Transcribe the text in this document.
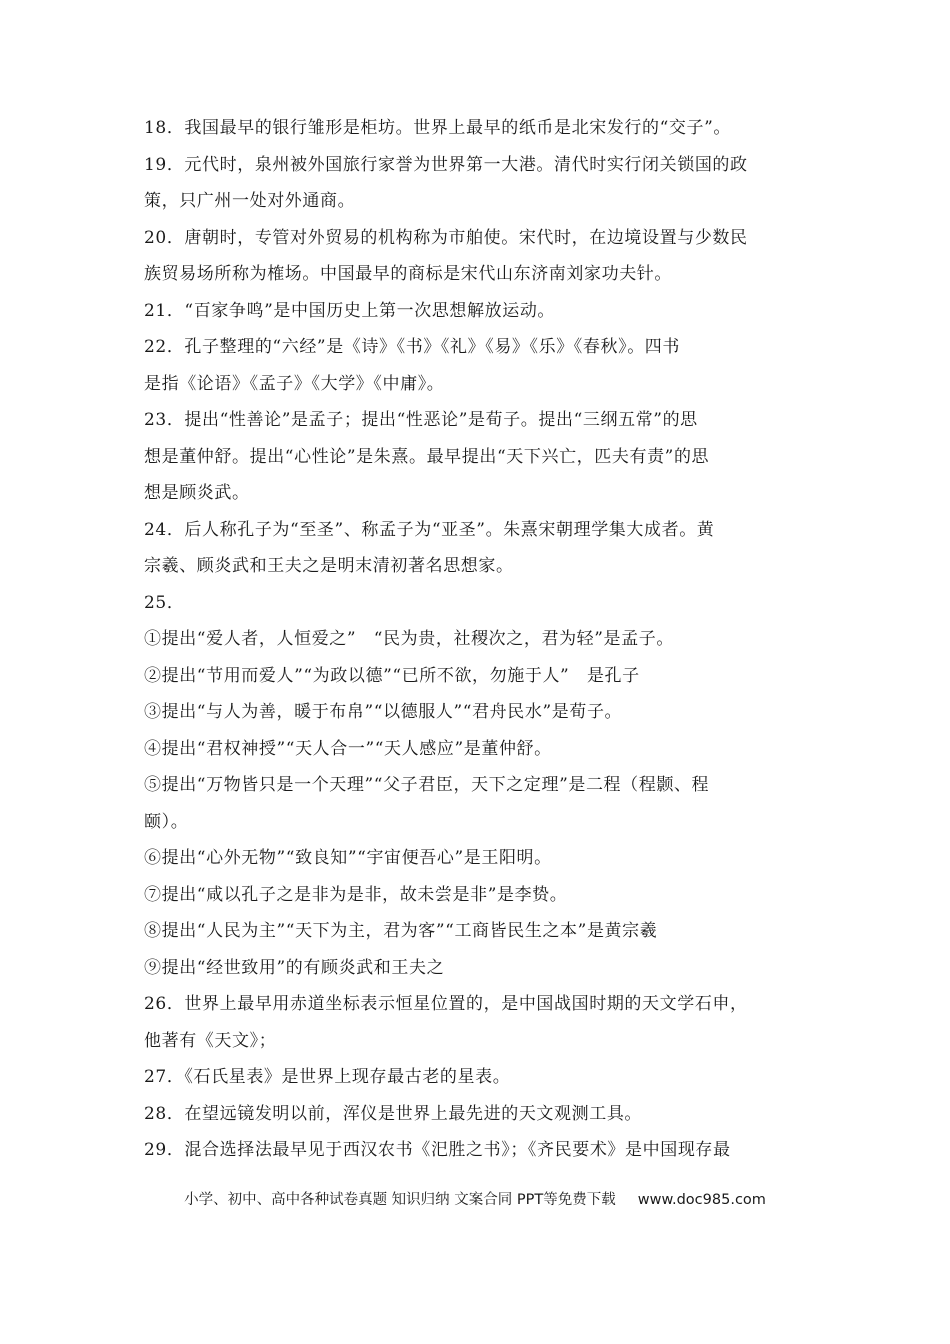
18．我国最早的银行雏形是柜坊。世界上最早的纸币是北宋发行的“交子”。
19．元代时，泉州被外国旅行家誉为世界第一大港。清代时实行闭关锁国的政
策，只广州一处对外通商。
20．唐朝时，专管对外贸易的机构称为市舶使。宋代时，在边境设置与少数民
族贸易场所称为榷场。中国最早的商标是宋代山东济南刘家功夫针。
21．“百家争鸣”是中国历史上第一次思想解放运动。
22．孔子整理的“六经”是《诗》《书》《礼》《易》《乐》《春秋》。四书
是指《论语》《孟子》《大学》《中庸》。
23．提出“性善论”是孟子；提出“性恶论”是荀子。提出“三纲五常”的思
想是董仲舒。提出“心性论”是朱熹。最早提出“天下兴亡，匹夫有责”的思
想是顾炎武。
24．后人称孔子为“至圣”、称孟子为“亚圣”。朱熹宋朝理学集大成者。黄
宗羲、顾炎武和王夫之是明末清初著名思想家。
25．
①提出“爱人者，人恒爱之”　“民为贵，社稷次之，君为轻”是孟子。
②提出“节用而爱人”“为政以德”“已所不欲，勿施于人”　是孔子
③提出“与人为善，暖于布帛”“以德服人”“君舟民水”是荀子。
④提出“君权神授”“天人合一”“天人感应”是董仲舒。
⑤提出“万物皆只是一个天理”“父子君臣，天下之定理”是二程（程颢、程
颐）。
⑥提出“心外无物”“致良知”“宇宙便吾心”是王阳明。
⑦提出“咸以孔子之是非为是非，故未尝是非”是李贽。
⑧提出“人民为主”“天下为主，君为客”“工商皆民生之本”是黄宗羲
⑨提出“经世致用”的有顾炎武和王夫之
26．世界上最早用赤道坐标表示恒星位置的，是中国战国时期的天文学石申，
他著有《天文》；
27．《石氏星表》是世界上现存最古老的星表。
28．在望远镜发明以前，浑仪是世界上最先进的天文观测工具。
29．混合选择法最早见于西汉农书《汜胜之书》；《齐民要术》是中国现存最
小学、初中、高中各种试卷真题 知识归纳 文案合同 PPT等免费下载 www.doc985.com
